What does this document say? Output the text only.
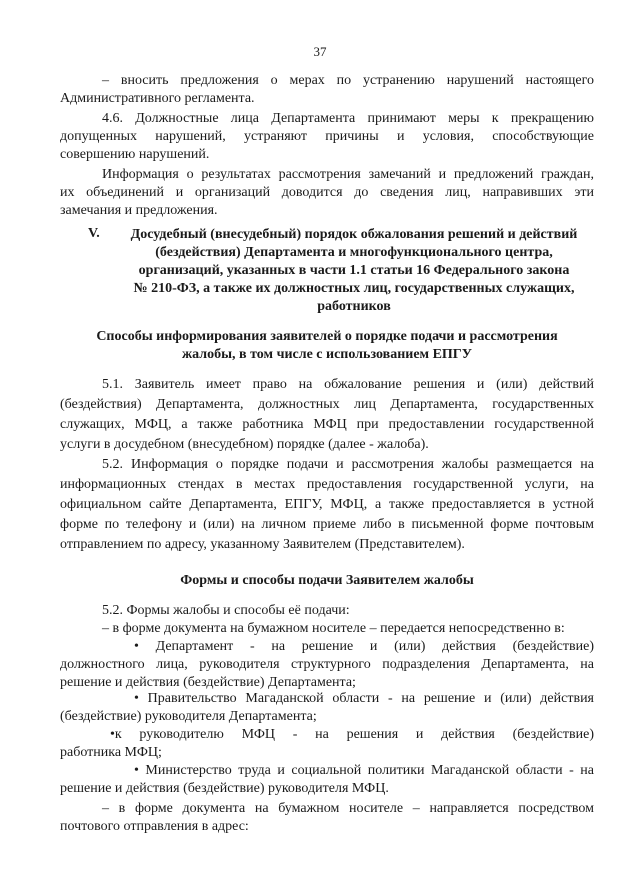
37
– вносить предложения о мерах по устранению нарушений настоящего
Административного регламента.
4.6. Должностные лица Департамента принимают меры к прекращению
допущенных нарушений, устраняют причины и условия, способствующие
совершению нарушений.
Информация о результатах рассмотрения замечаний и предложений граждан,
их объединений и организаций доводится до сведения лиц, направивших эти
замечания и предложения.
V.	Досудебный (внесудебный) порядок обжалования решений и действий
(бездействия) Департамента и многофункционального центра,
организаций, указанных в части 1.1 статьи 16 Федерального закона
№ 210-ФЗ, а также их должностных лиц, государственных служащих,
работников
Способы информирования заявителей о порядке подачи и рассмотрения
жалобы, в том числе с использованием ЕПГУ
5.1. Заявитель имеет право на обжалование решения и (или) действий
(бездействия) Департамента, должностных лиц Департамента, государственных
служащих, МФЦ, а также работника МФЦ при предоставлении государственной
услуги в досудебном (внесудебном) порядке (далее - жалоба).
5.2. Информация о порядке подачи и рассмотрения жалобы размещается на
информационных стендах в местах предоставления государственной услуги, на
официальном сайте Департамента, ЕПГУ, МФЦ, а также предоставляется в устной
форме по телефону и (или) на личном приеме либо в письменной форме почтовым
отправлением по адресу, указанному Заявителем (Представителем).
Формы и способы подачи Заявителем жалобы
5.2. Формы жалобы и способы её подачи:
– в форме документа на бумажном носителе – передается непосредственно в:
• Департамент - на решение и (или) действия (бездействие)
должностного лица, руководителя структурного подразделения Департамента, на
решение и действия (бездействие) Департамента;
• Правительство Магаданской области - на решение и (или) действия
(бездействие) руководителя Департамента;
•к руководителю МФЦ - на решения и действия (бездействие)
работника МФЦ;
• Министерство труда и социальной политики Магаданской области - на
решение и действия (бездействие) руководителя МФЦ.
– в форме документа на бумажном носителе – направляется посредством
почтового отправления в адрес:
